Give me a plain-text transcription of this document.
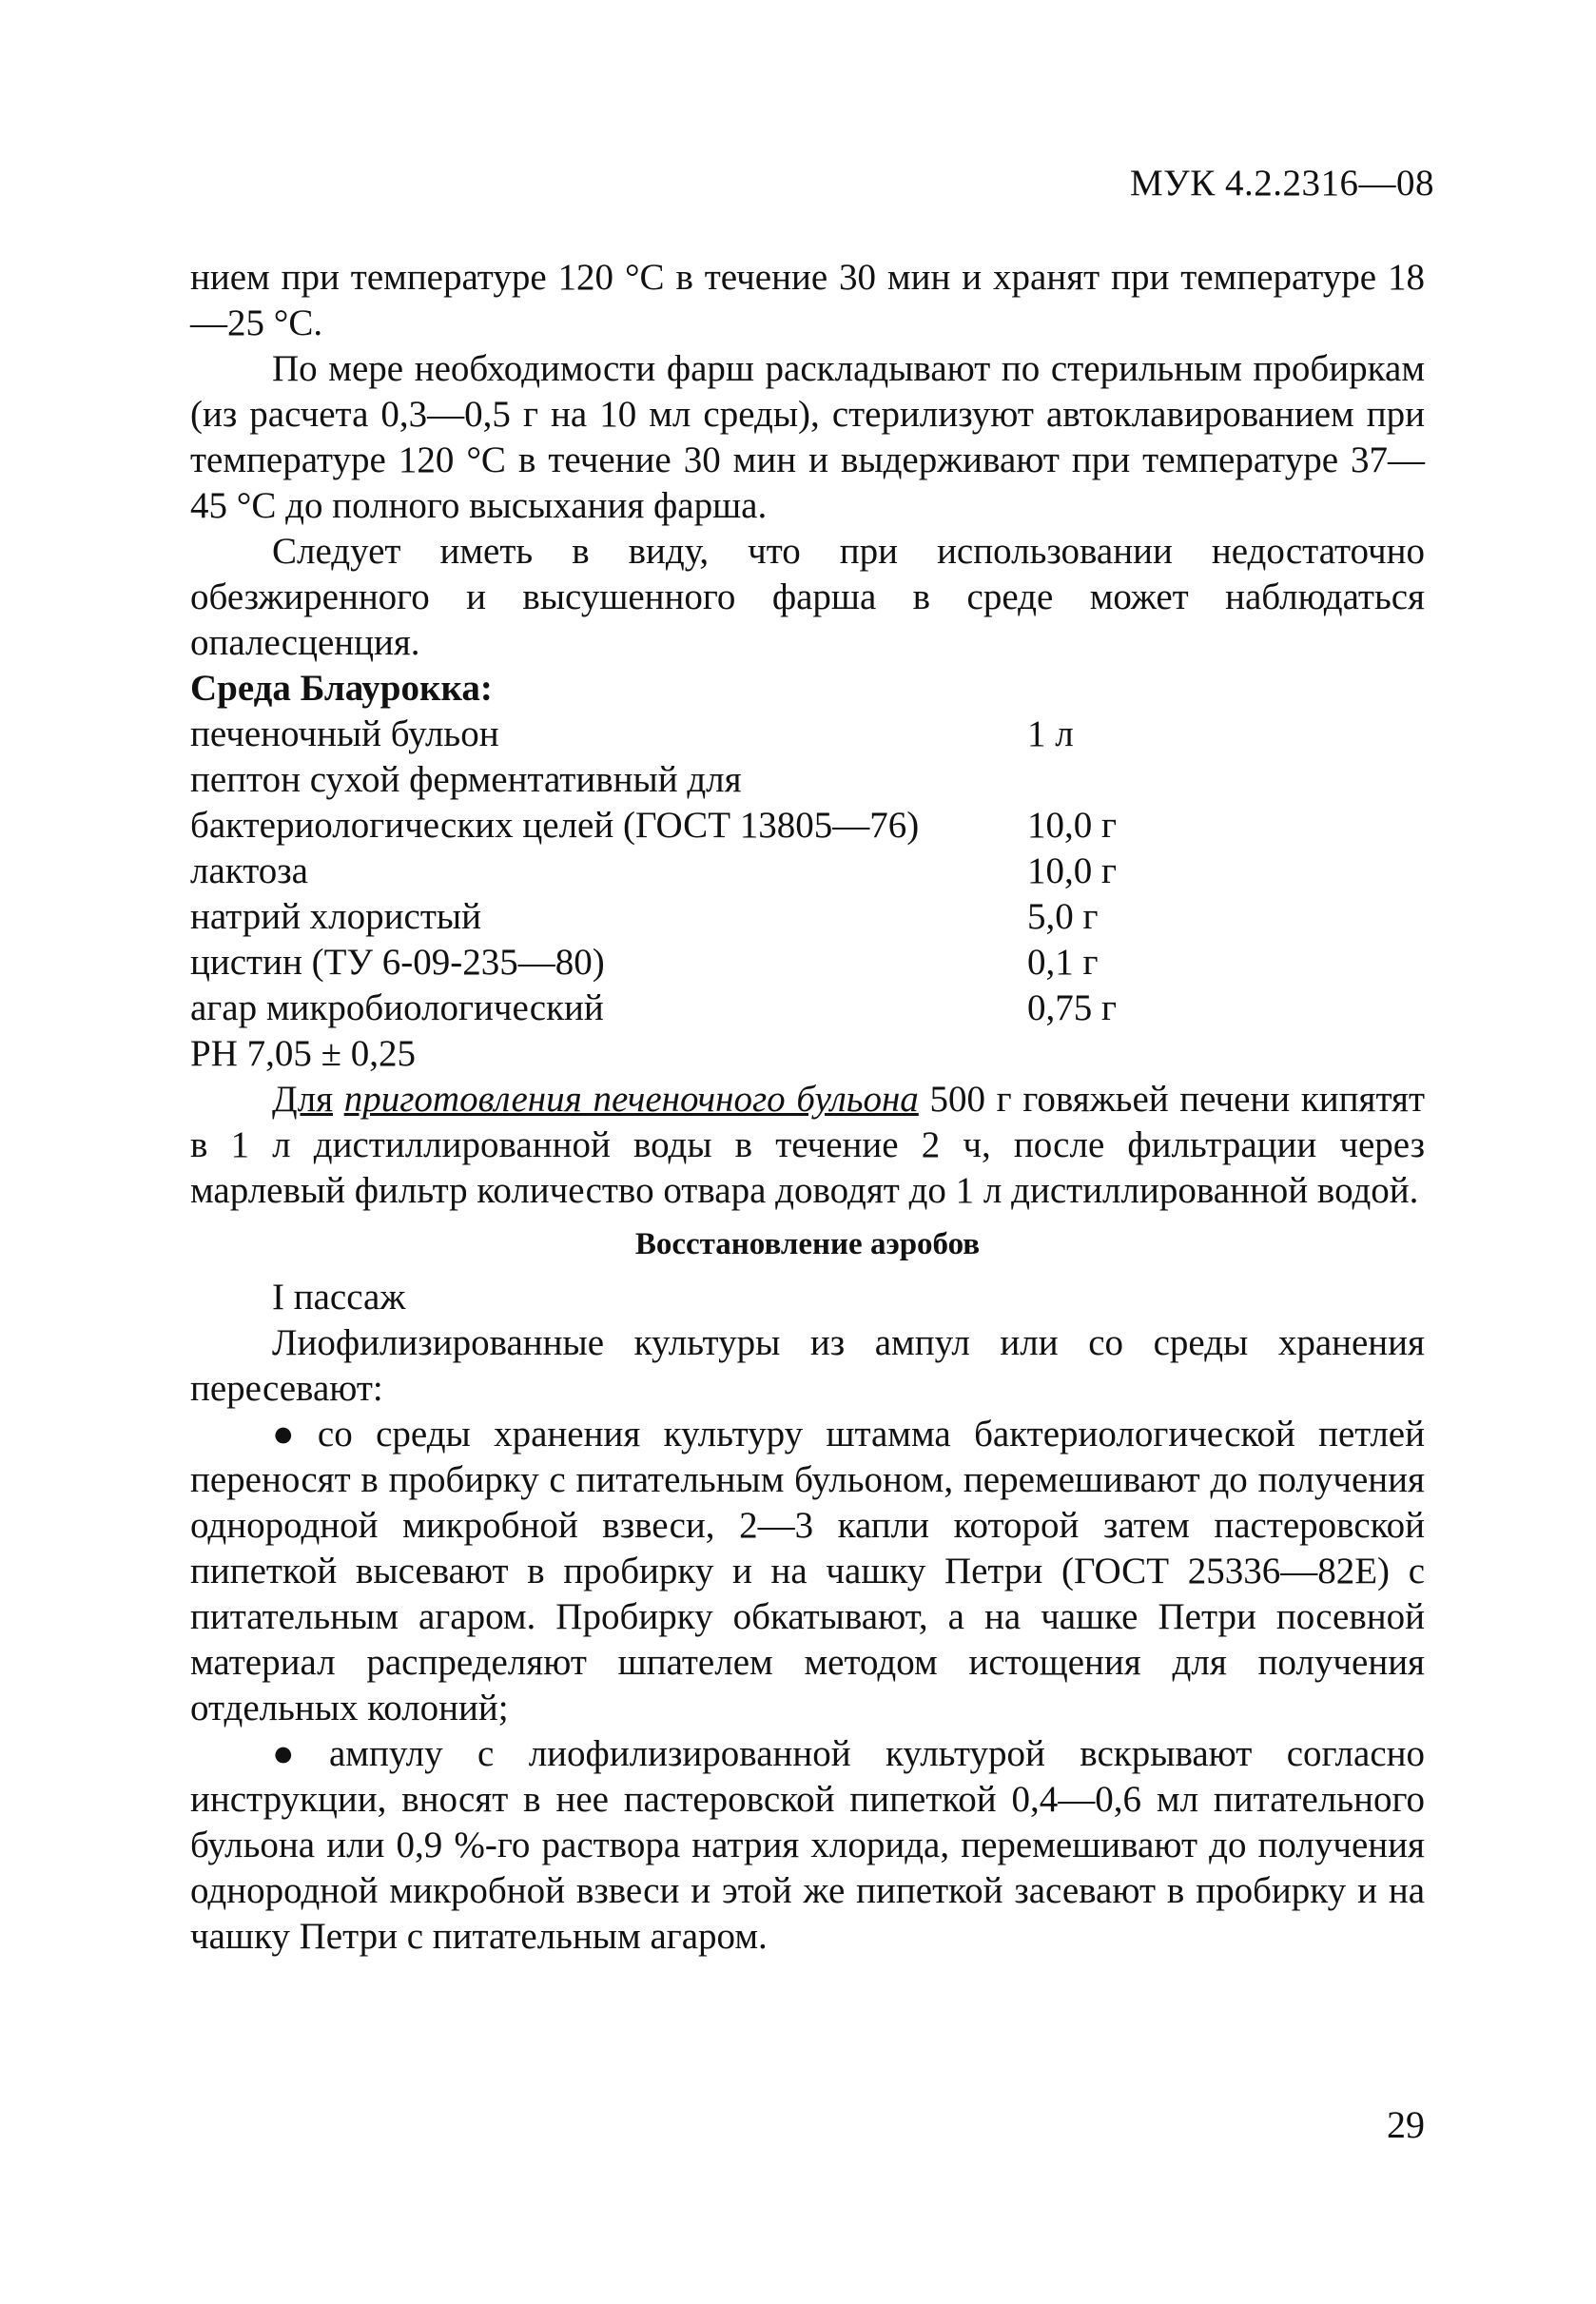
МУК 4.2.2316—08

нием при температуре 120 °С в течение 30 мин и хранят при температуре 18—25 °С.

По мере необходимости фарш раскладывают по стерильным пробиркам (из расчета 0,3—0,5 г на 10 мл среды), стерилизуют автоклавированием при температуре 120 °С в течение 30 мин и выдерживают при температуре 37—45 °С до полного высыхания фарша.

Следует иметь в виду, что при использовании недостаточно обезжиренного и высушенного фарша в среде может наблюдаться опалесценция.

Среда Блаурокка:
печеночный бульон	1 л
пептон сухой ферментативный для
бактериологических целей (ГОСТ 13805—76)	10,0 г
лактоза	10,0 г
натрий хлористый	5,0 г
цистин (ТУ 6-09-235—80)	0,1 г
агар микробиологический	0,75 г
РН 7,05 ± 0,25

Для приготовления печеночного бульона 500 г говяжьей печени кипятят в 1 л дистиллированной воды в течение 2 ч, после фильтрации через марлевый фильтр количество отвара доводят до 1 л дистиллированной водой.

Восстановление аэробов

I пассаж

Лиофилизированные культуры из ампул или со среды хранения пересевают:

● со среды хранения культуру штамма бактериологической петлей переносят в пробирку с питательным бульоном, перемешивают до получения однородной микробной взвеси, 2—3 капли которой затем пастеровской пипеткой высевают в пробирку и на чашку Петри (ГОСТ 25336—82Е) с питательным агаром. Пробирку обкатывают, а на чашке Петри посевной материал распределяют шпателем методом истощения для получения отдельных колоний;

● ампулу с лиофилизированной культурой вскрывают согласно инструкции, вносят в нее пастеровской пипеткой 0,4—0,6 мл питательного бульона или 0,9 %-го раствора натрия хлорида, перемешивают до получения однородной микробной взвеси и этой же пипеткой засевают в пробирку и на чашку Петри с питательным агаром.

29
